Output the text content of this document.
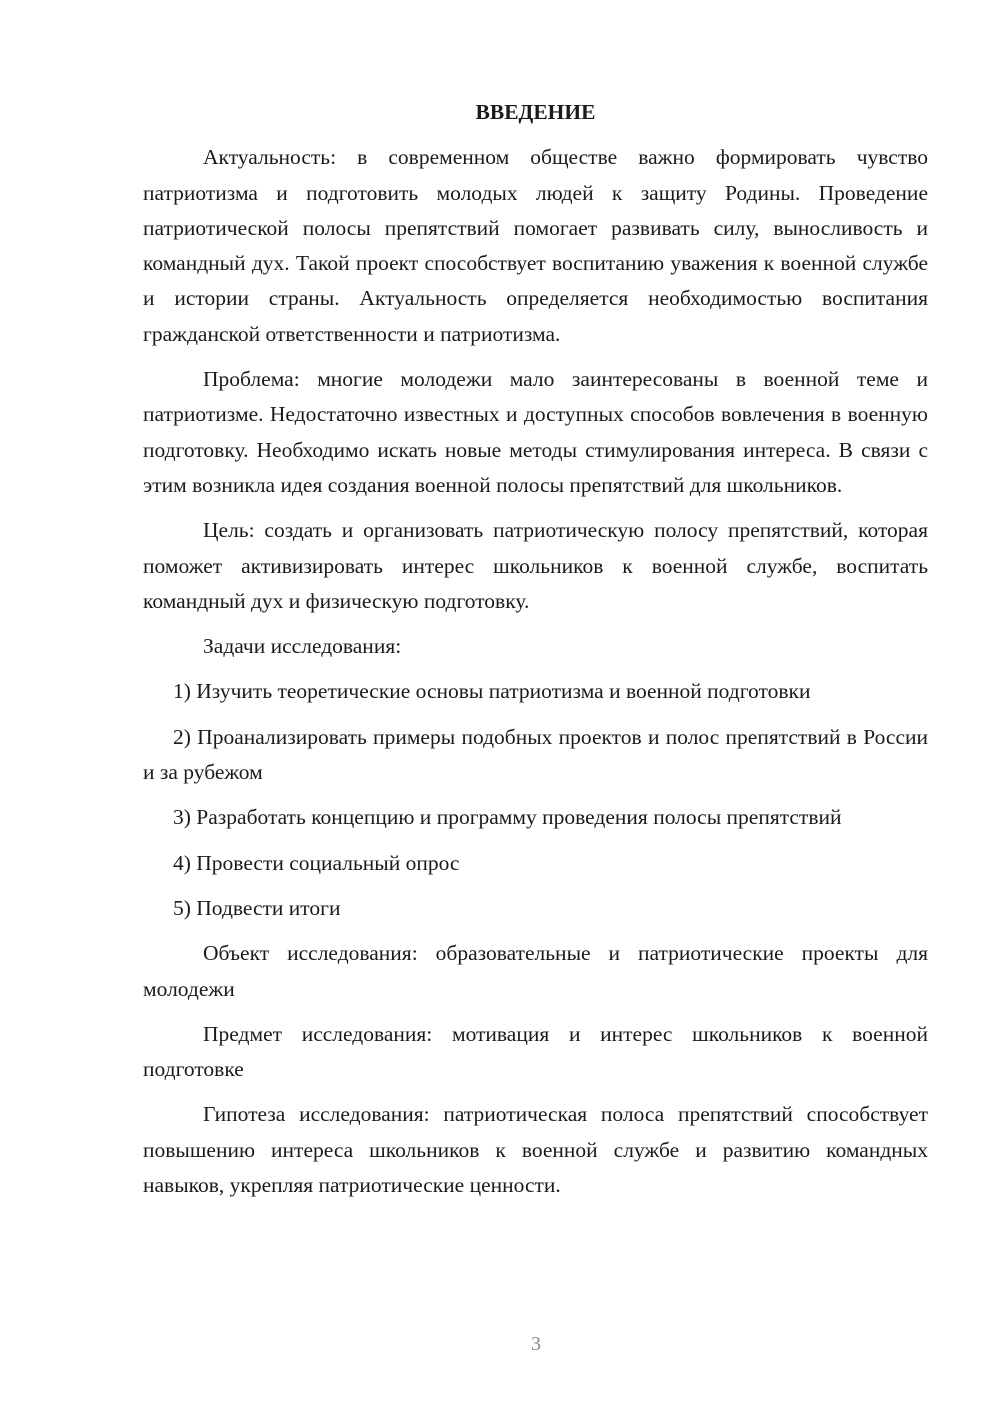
ВВЕДЕНИЕ

Актуальность: в современном обществе важно формировать чувство патриотизма и подготовить молодых людей к защиту Родины. Проведение патриотической полосы препятствий помогает развивать силу, выносливость и командный дух. Такой проект способствует воспитанию уважения к военной службе и истории страны. Актуальность определяется необходимостью воспитания гражданской ответственности и патриотизма.

Проблема: многие молодежи мало заинтересованы в военной теме и патриотизме. Недостаточно известных и доступных способов вовлечения в военную подготовку. Необходимо искать новые методы стимулирования интереса. В связи с этим возникла идея создания военной полосы препятствий для школьников.

Цель: создать и организовать патриотическую полосу препятствий, которая поможет активизировать интерес школьников к военной службе, воспитать командный дух и физическую подготовку.

Задачи исследования:

1) Изучить теоретические основы патриотизма и военной подготовки

2) Проанализировать примеры подобных проектов и полос препятствий в России и за рубежом

3) Разработать концепцию и программу проведения полосы препятствий

4) Провести социальный опрос

5) Подвести итоги

Объект исследования: образовательные и патриотические проекты для молодежи

Предмет исследования: мотивация и интерес школьников к военной подготовке

Гипотеза исследования: патриотическая полоса препятствий способствует повышению интереса школьников к военной службе и развитию командных навыков, укрепляя патриотические ценности.

3
